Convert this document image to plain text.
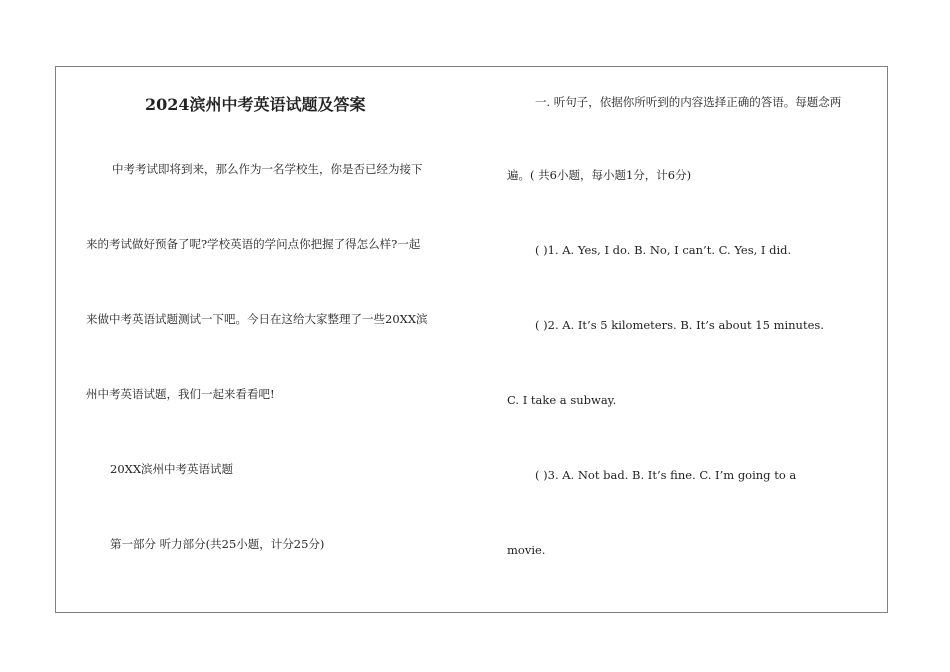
2024滨州中考英语试题及答案
中考考试即将到来，那么作为一名学校生，你是否已经为接下
来的考试做好预备了呢?学校英语的学问点你把握了得怎么样?一起
来做中考英语试题测试一下吧。今日在这给大家整理了一些20XX滨
州中考英语试题，我们一起来看看吧!
20XX滨州中考英语试题
第一部分 听力部分(共25小题，计分25分)
一. 听句子，依据你所听到的内容选择正确的答语。每题念两
遍。( 共6小题，每小题1分，计6分)
( )1. A. Yes, I do. B. No, I can’t. C. Yes, I did.
( )2. A. It’s 5 kilometers. B. It’s about 15 minutes.
C. I take a subway.
( )3. A. Not bad. B. It’s fine. C. I’m going to a
movie.
